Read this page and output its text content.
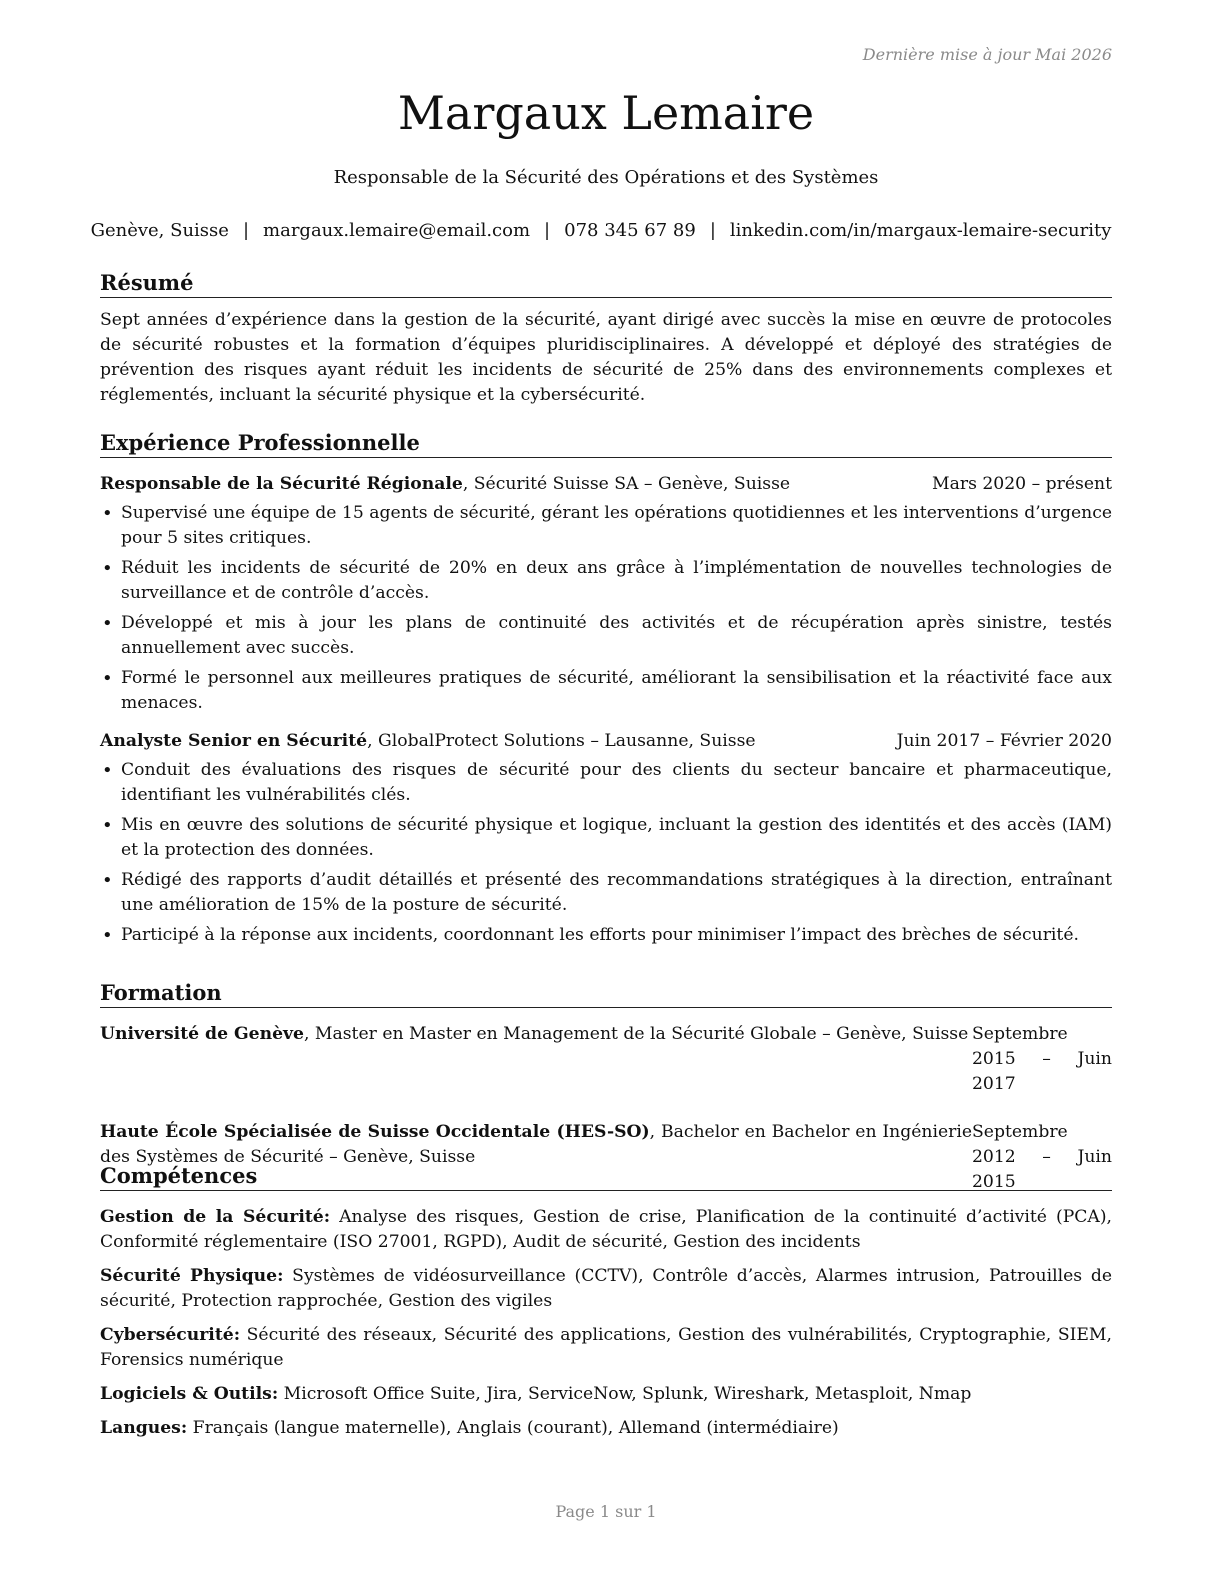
Dernière mise à jour Mai 2026
Margaux Lemaire
Responsable de la Sécurité des Opérations et des Systèmes
Genève, Suisse | margaux.lemaire@email.com | 078 345 67 89 | linkedin.com/in/margaux-lemaire-security
Résumé
Sept années d’expérience dans la gestion de la sécurité, ayant dirigé avec succès la mise en œuvre de protocoles de sécurité robustes et la formation d’équipes pluridisciplinaires. A développé et déployé des stratégies de prévention des risques ayant réduit les incidents de sécurité de 25% dans des environnements complexes et réglementés, incluant la sécurité physique et la cybersécurité.
Expérience Professionnelle
Responsable de la Sécurité Régionale, Sécurité Suisse SA – Genève, Suisse	Mars 2020 – présent
• Supervisé une équipe de 15 agents de sécurité, gérant les opérations quotidiennes et les interventions d’urgence pour 5 sites critiques.
• Réduit les incidents de sécurité de 20% en deux ans grâce à l’implémentation de nouvelles technologies de surveillance et de contrôle d’accès.
• Développé et mis à jour les plans de continuité des activités et de récupération après sinistre, testés annuellement avec succès.
• Formé le personnel aux meilleures pratiques de sécurité, améliorant la sensibilisation et la réactivité face aux menaces.
Analyste Senior en Sécurité, GlobalProtect Solutions – Lausanne, Suisse	Juin 2017 – Février 2020
• Conduit des évaluations des risques de sécurité pour des clients du secteur bancaire et pharmaceutique, identifiant les vulnérabilités clés.
• Mis en œuvre des solutions de sécurité physique et logique, incluant la gestion des identités et des accès (IAM) et la protection des données.
• Rédigé des rapports d’audit détaillés et présenté des recommandations stratégiques à la direction, entraînant une amélioration de 15% de la posture de sécurité.
• Participé à la réponse aux incidents, coordonnant les efforts pour minimiser l’impact des brèches de sécurité.
Formation
Université de Genève, Master en Master en Management de la Sécurité Globale – Genève, Suisse Septembre 2015 – Juin 2017
Haute École Spécialisée de Suisse Occidentale (HES-SO), Bachelor en Bachelor en Ingénierie des Systèmes de Sécurité – Genève, Suisse
Septembre 2012 – Juin 2015
Compétences
Gestion de la Sécurité: Analyse des risques, Gestion de crise, Planification de la continuité d’activité (PCA), Conformité réglementaire (ISO 27001, RGPD), Audit de sécurité, Gestion des incidents
Sécurité Physique: Systèmes de vidéosurveillance (CCTV), Contrôle d’accès, Alarmes intrusion, Patrouilles de sécurité, Protection rapprochée, Gestion des vigiles
Cybersécurité: Sécurité des réseaux, Sécurité des applications, Gestion des vulnérabilités, Cryptographie, SIEM, Forensics numérique
Logiciels & Outils: Microsoft Office Suite, Jira, ServiceNow, Splunk, Wireshark, Metasploit, Nmap
Langues: Français (langue maternelle), Anglais (courant), Allemand (intermédiaire)
Page 1 sur 1
